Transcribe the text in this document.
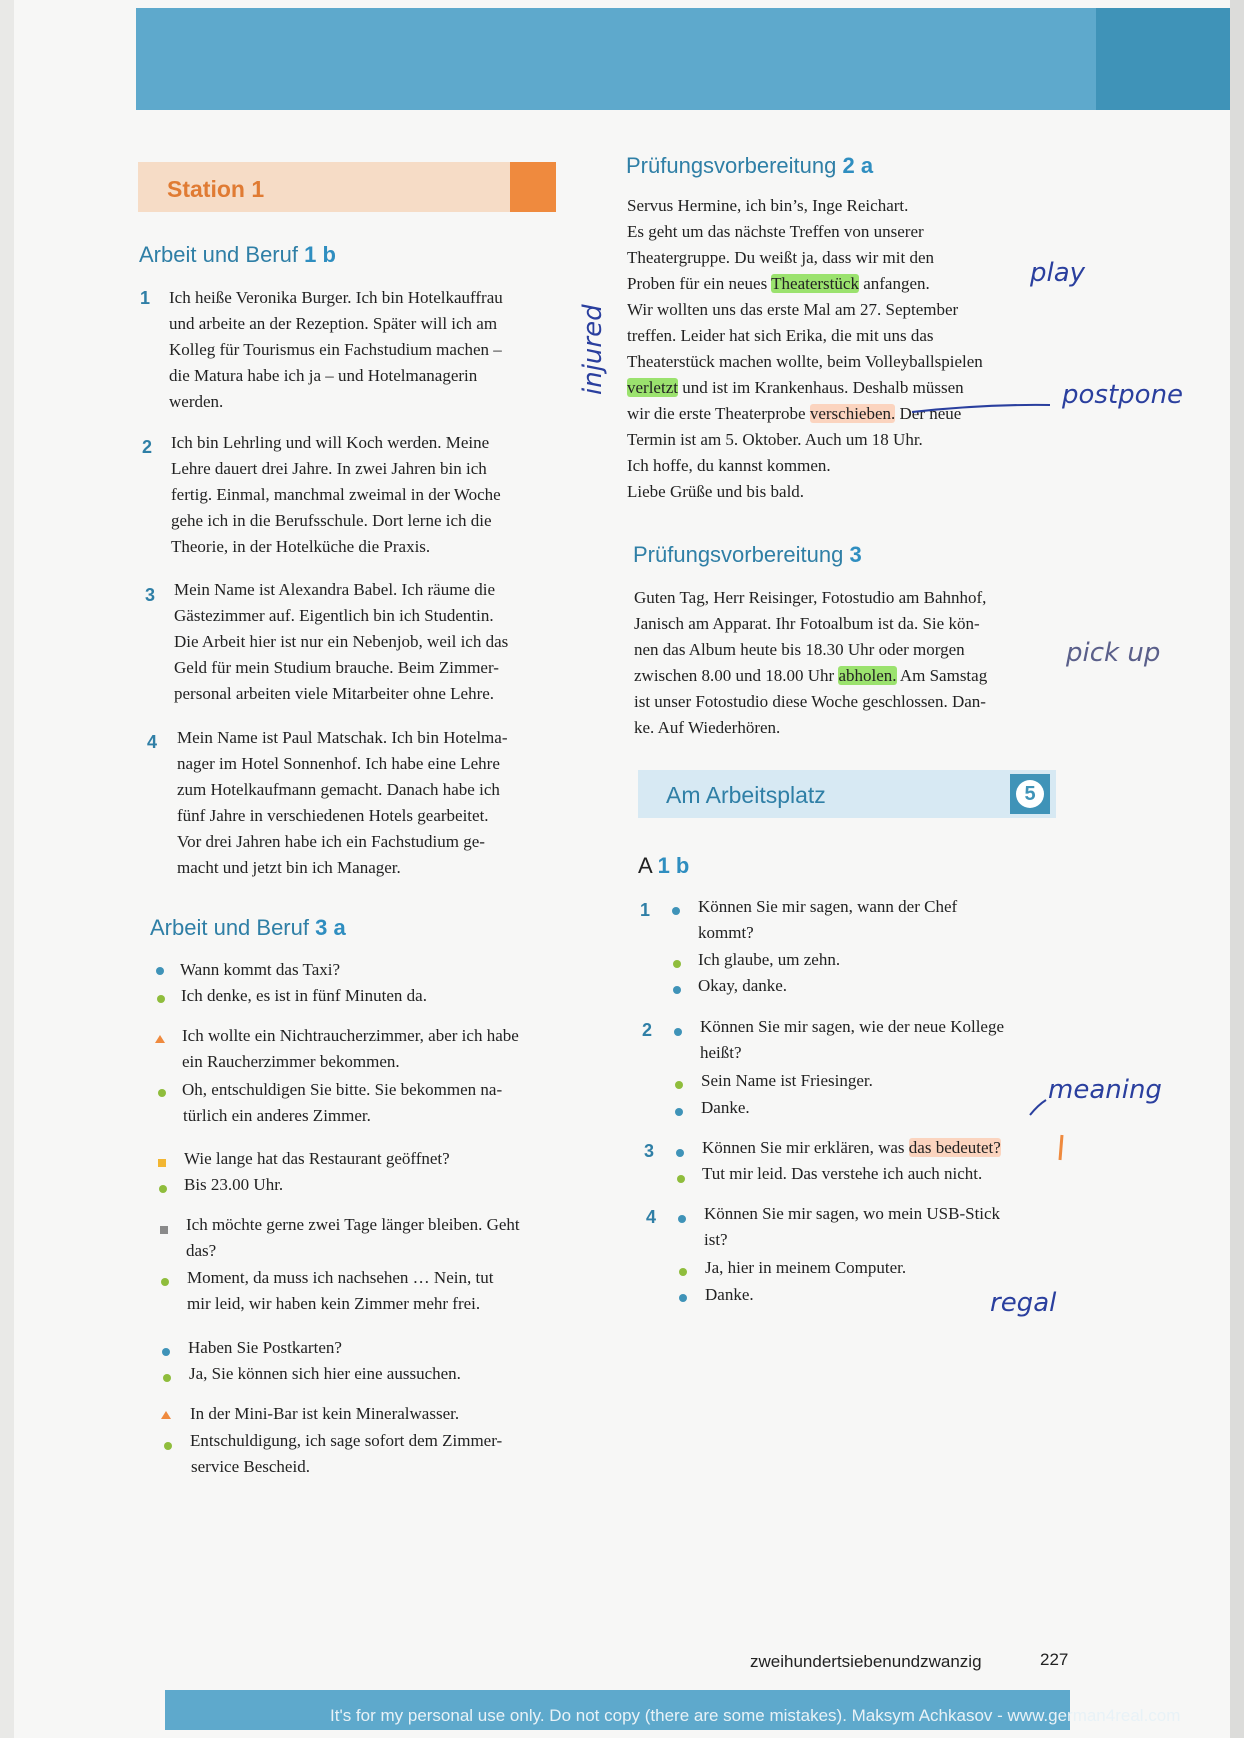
Station 1
Arbeit und Beruf 1 b
1 Ich heiße Veronika Burger. Ich bin Hotelkauffrau
und arbeite an der Rezeption. Später will ich am
Kolleg für Tourismus ein Fachstudium machen –
die Matura habe ich ja – und Hotelmanagerin
werden.
2 Ich bin Lehrling und will Koch werden. Meine
Lehre dauert drei Jahre. In zwei Jahren bin ich
fertig. Einmal, manchmal zweimal in der Woche
gehe ich in die Berufsschule. Dort lerne ich die
Theorie, in der Hotelküche die Praxis.
3 Mein Name ist Alexandra Babel. Ich räume die
Gästezimmer auf. Eigentlich bin ich Studentin.
Die Arbeit hier ist nur ein Nebenjob, weil ich das
Geld für mein Studium brauche. Beim Zimmer-
personal arbeiten viele Mitarbeiter ohne Lehre.
4 Mein Name ist Paul Matschak. Ich bin Hotelma-
nager im Hotel Sonnenhof. Ich habe eine Lehre
zum Hotelkaufmann gemacht. Danach habe ich
fünf Jahre in verschiedenen Hotels gearbeitet.
Vor drei Jahren habe ich ein Fachstudium ge-
macht und jetzt bin ich Manager.
Arbeit und Beruf 3 a
Wann kommt das Taxi?
Ich denke, es ist in fünf Minuten da.
Ich wollte ein Nichtraucherzimmer, aber ich habe
ein Raucherzimmer bekommen.
Oh, entschuldigen Sie bitte. Sie bekommen na-
türlich ein anderes Zimmer.
Wie lange hat das Restaurant geöffnet?
Bis 23.00 Uhr.
Ich möchte gerne zwei Tage länger bleiben. Geht
das?
Moment, da muss ich nachsehen … Nein, tut
mir leid, wir haben kein Zimmer mehr frei.
Haben Sie Postkarten?
Ja, Sie können sich hier eine aussuchen.
In der Mini-Bar ist kein Mineralwasser.
Entschuldigung, ich sage sofort dem Zimmer-
service Bescheid.
Prüfungsvorbereitung 2 a
Servus Hermine, ich bin’s, Inge Reichart.
Es geht um das nächste Treffen von unserer
Theatergruppe. Du weißt ja, dass wir mit den
Proben für ein neues Theaterstück anfangen.
Wir wollten uns das erste Mal am 27. September
treffen. Leider hat sich Erika, die mit uns das
Theaterstück machen wollte, beim Volleyballspielen
verletzt und ist im Krankenhaus. Deshalb müssen
wir die erste Theaterprobe verschieben. Der neue
Termin ist am 5. Oktober. Auch um 18 Uhr.
Ich hoffe, du kannst kommen.
Liebe Grüße und bis bald.
Prüfungsvorbereitung 3
Guten Tag, Herr Reisinger, Fotostudio am Bahnhof,
Janisch am Apparat. Ihr Fotoalbum ist da. Sie kön-
nen das Album heute bis 18.30 Uhr oder morgen
zwischen 8.00 und 18.00 Uhr abholen. Am Samstag
ist unser Fotostudio diese Woche geschlossen. Dan-
ke. Auf Wiederhören.
Am Arbeitsplatz	5
A 1 b
1	Können Sie mir sagen, wann der Chef
kommt?
Ich glaube, um zehn.
Okay, danke.
2	Können Sie mir sagen, wie der neue Kollege
heißt?
Sein Name ist Friesinger.
Danke.
3	Können Sie mir erklären, was das bedeutet?
Tut mir leid. Das verstehe ich auch nicht.
4	Können Sie mir sagen, wo mein USB-Stick
ist?
Ja, hier in meinem Computer.
Danke.
play
injured	postpone
pick up
meaning
regal
zweihundertsiebenundzwanzig	227
It's for my personal use only. Do not copy (there are some mistakes). Maksym Achkasov - www.german4real.com
